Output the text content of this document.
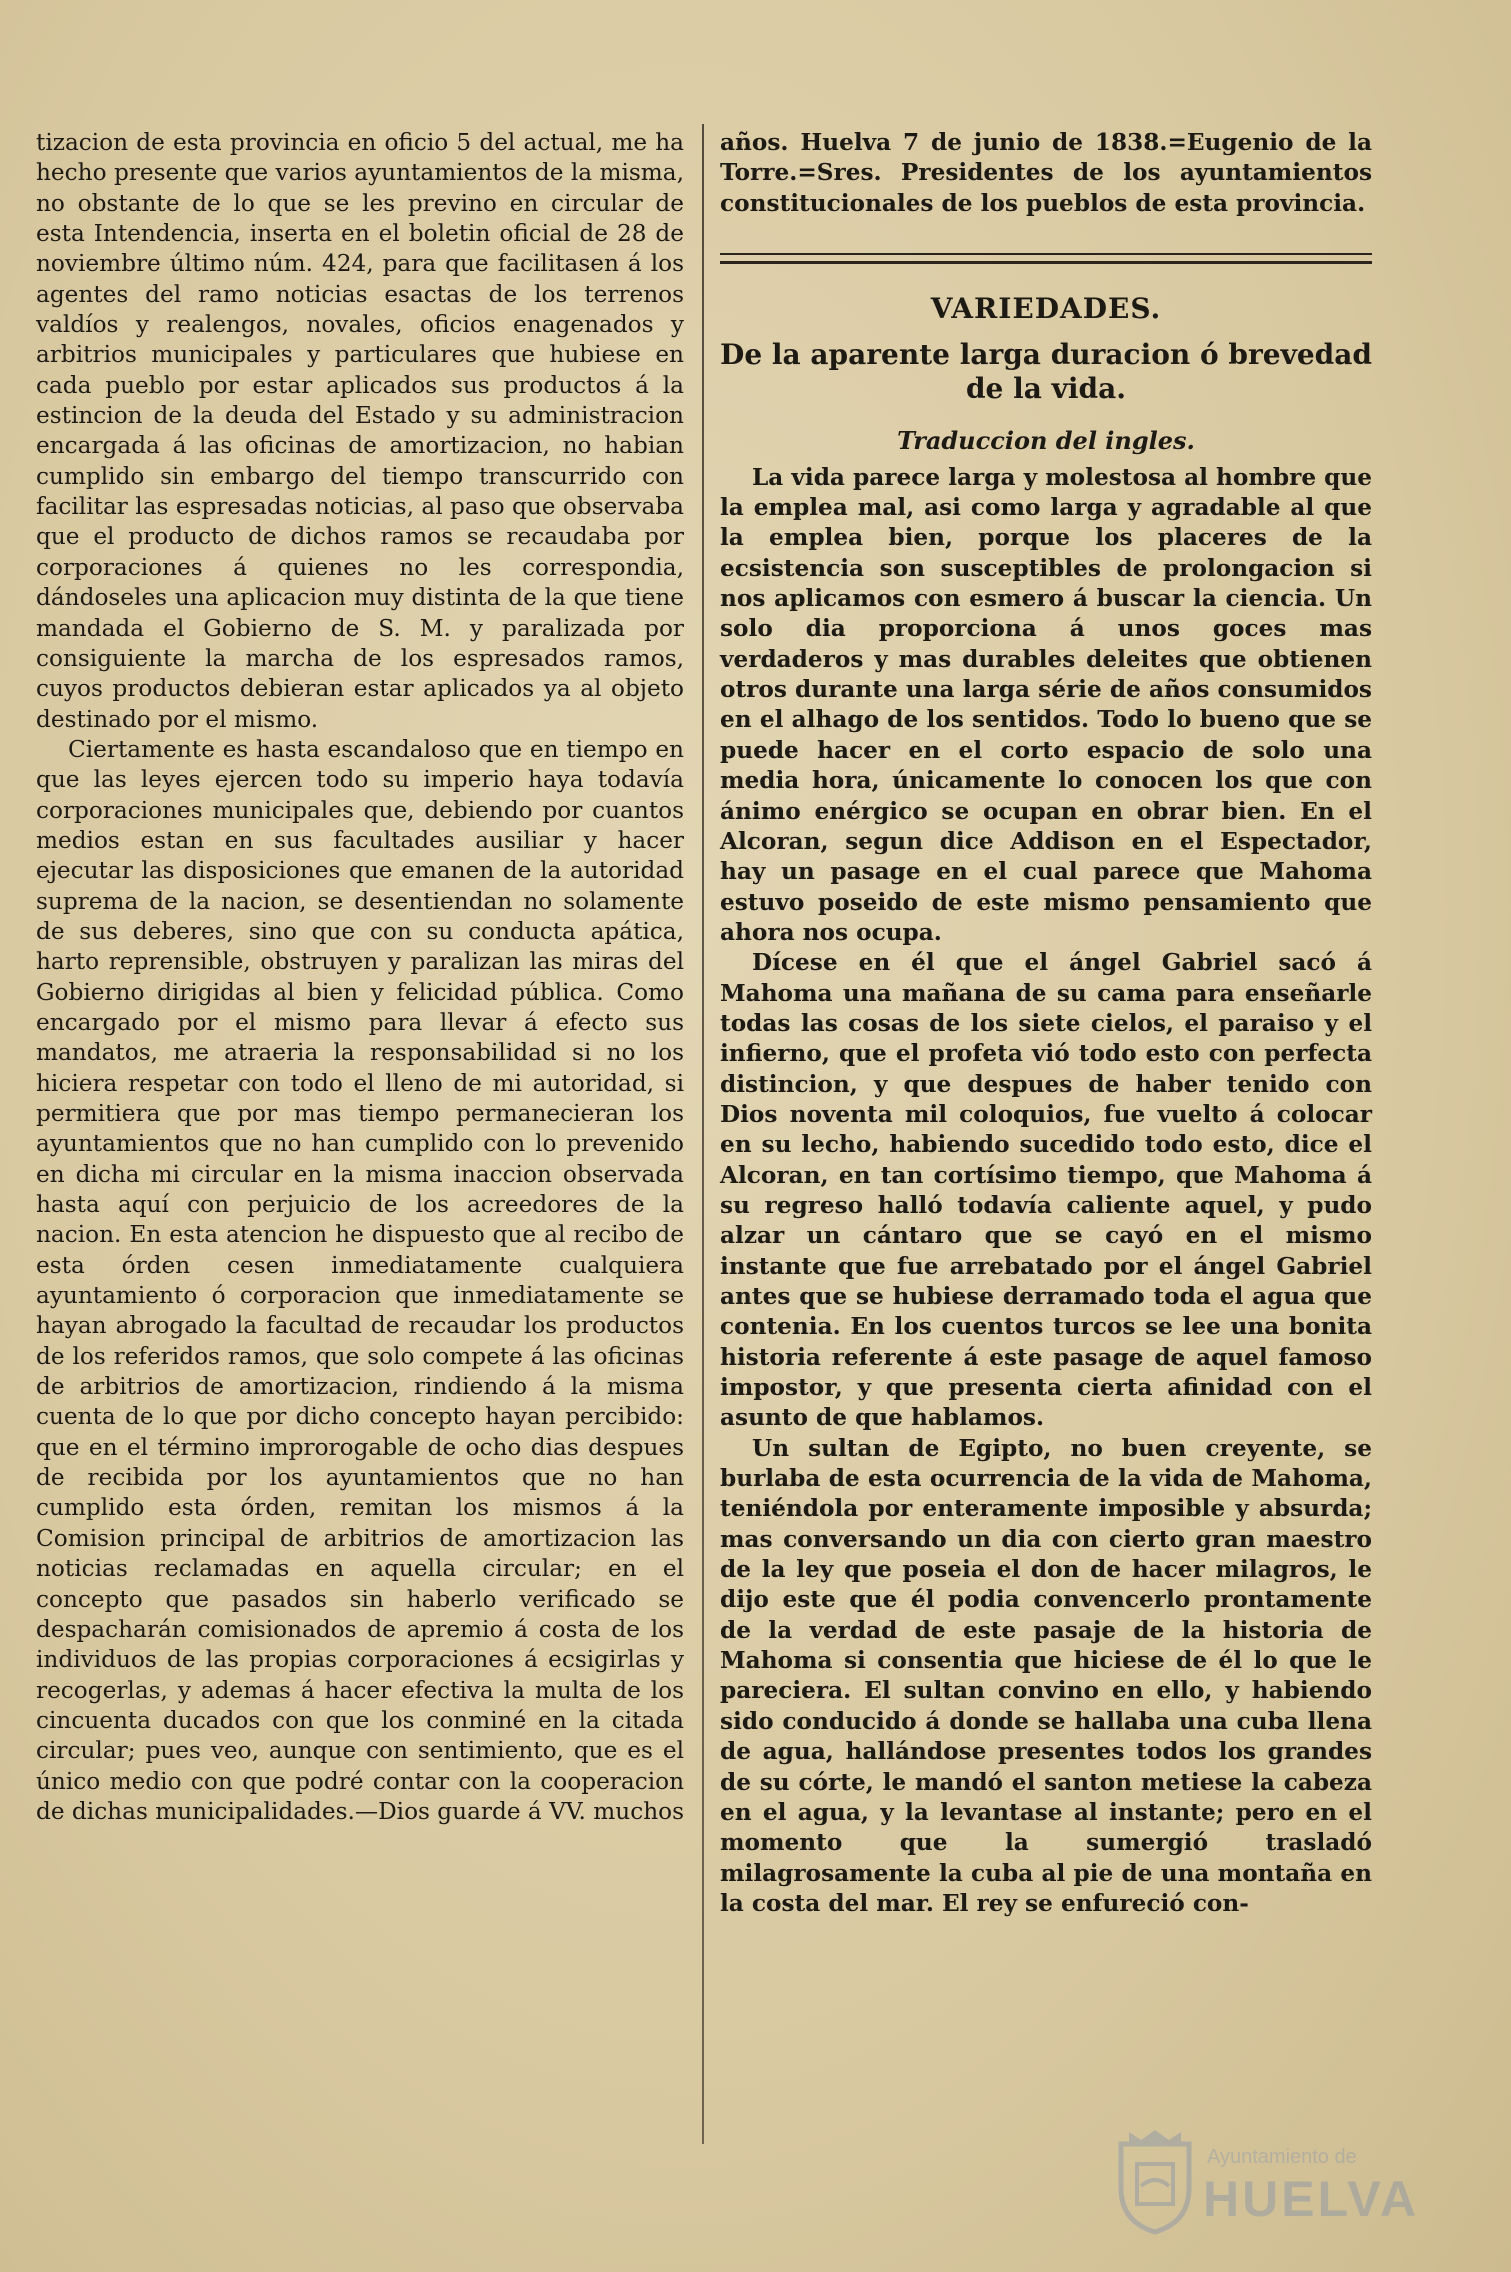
tizacion de esta provincia en oficio 5 del actual, me ha hecho presente que varios ayuntamientos de la misma, no obstante de lo que se les previno en circular de esta Intendencia, inserta en el boletin oficial de 28 de noviembre último núm. 424, para que facilitasen á los agentes del ramo noticias esactas de los terrenos valdíos y realengos, novales, oficios enagenados y arbitrios municipales y particulares que hubiese en cada pueblo por estar aplicados sus productos á la estincion de la deuda del Estado y su administracion encargada á las oficinas de amortizacion, no habian cumplido sin embargo del tiempo transcurrido con facilitar las espresadas noticias, al paso que observaba que el producto de dichos ramos se recaudaba por corporaciones á quienes no les correspondia, dándoseles una aplicacion muy distinta de la que tiene mandada el Gobierno de S. M. y paralizada por consiguiente la marcha de los espresados ramos, cuyos productos debieran estar aplicados ya al objeto destinado por el mismo.

Ciertamente es hasta escandaloso que en tiempo en que las leyes ejercen todo su imperio haya todavía corporaciones municipales que, debiendo por cuantos medios estan en sus facultades ausiliar y hacer ejecutar las disposiciones que emanen de la autoridad suprema de la nacion, se desentiendan no solamente de sus deberes, sino que con su conducta apática, harto reprensible, obstruyen y paralizan las miras del Gobierno dirigidas al bien y felicidad pública. Como encargado por el mismo para llevar á efecto sus mandatos, me atraeria la responsabilidad si no los hiciera respetar con todo el lleno de mi autoridad, si permitiera que por mas tiempo permanecieran los ayuntamientos que no han cumplido con lo prevenido en dicha mi circular en la misma inaccion observada hasta aquí con perjuicio de los acreedores de la nacion. En esta atencion he dispuesto que al recibo de esta órden cesen inmediatamente cualquiera ayuntamiento ó corporacion que inmediatamente se hayan abrogado la facultad de recaudar los productos de los referidos ramos, que solo compete á las oficinas de arbitrios de amortizacion, rindiendo á la misma cuenta de lo que por dicho concepto hayan percibido: que en el término improrogable de ocho dias despues de recibida por los ayuntamientos que no han cumplido esta órden, remitan los mismos á la Comision principal de arbitrios de amortizacion las noticias reclamadas en aquella circular; en el concepto que pasados sin haberlo verificado se despacharán comisionados de apremio á costa de los individuos de las propias corporaciones á ecsigirlas y recogerlas, y ademas á hacer efectiva la multa de los cincuenta ducados con que los conminé en la citada circular; pues veo, aunque con sentimiento, que es el único medio con que podré contar con la cooperacion de dichas municipalidades.—Dios guarde á VV. muchos

años. Huelva 7 de junio de 1838.=Eugenio de la Torre.=Sres. Presidentes de los ayuntamientos constitucionales de los pueblos de esta provincia.

VARIEDADES.
De la aparente larga duracion ó brevedad de la vida.
Traduccion del ingles.

La vida parece larga y molestosa al hombre que la emplea mal, asi como larga y agradable al que la emplea bien, porque los placeres de la ecsistencia son susceptibles de prolongacion si nos aplicamos con esmero á buscar la ciencia. Un solo dia proporciona á unos goces mas verdaderos y mas durables deleites que obtienen otros durante una larga série de años consumidos en el alhago de los sentidos. Todo lo bueno que se puede hacer en el corto espacio de solo una media hora, únicamente lo conocen los que con ánimo enérgico se ocupan en obrar bien. En el Alcoran, segun dice Addison en el Espectador, hay un pasage en el cual parece que Mahoma estuvo poseido de este mismo pensamiento que ahora nos ocupa.

Dícese en él que el ángel Gabriel sacó á Mahoma una mañana de su cama para enseñarle todas las cosas de los siete cielos, el paraiso y el infierno, que el profeta vió todo esto con perfecta distincion, y que despues de haber tenido con Dios noventa mil coloquios, fue vuelto á colocar en su lecho, habiendo sucedido todo esto, dice el Alcoran, en tan cortísimo tiempo, que Mahoma á su regreso halló todavía caliente aquel, y pudo alzar un cántaro que se cayó en el mismo instante que fue arrebatado por el ángel Gabriel antes que se hubiese derramado toda el agua que contenia. En los cuentos turcos se lee una bonita historia referente á este pasage de aquel famoso impostor, y que presenta cierta afinidad con el asunto de que hablamos.

Un sultan de Egipto, no buen creyente, se burlaba de esta ocurrencia de la vida de Mahoma, teniéndola por enteramente imposible y absurda; mas conversando un dia con cierto gran maestro de la ley que poseia el don de hacer milagros, le dijo este que él podia convencerlo prontamente de la verdad de este pasaje de la historia de Mahoma si consentia que hiciese de él lo que le pareciera. El sultan convino en ello, y habiendo sido conducido á donde se hallaba una cuba llena de agua, hallándose presentes todos los grandes de su córte, le mandó el santon metiese la cabeza en el agua, y la levantase al instante; pero en el momento que la sumergió trasladó milagrosamente la cuba al pie de una montaña en la costa del mar. El rey se enfureció con-

Ayuntamiento de
HUELVA
